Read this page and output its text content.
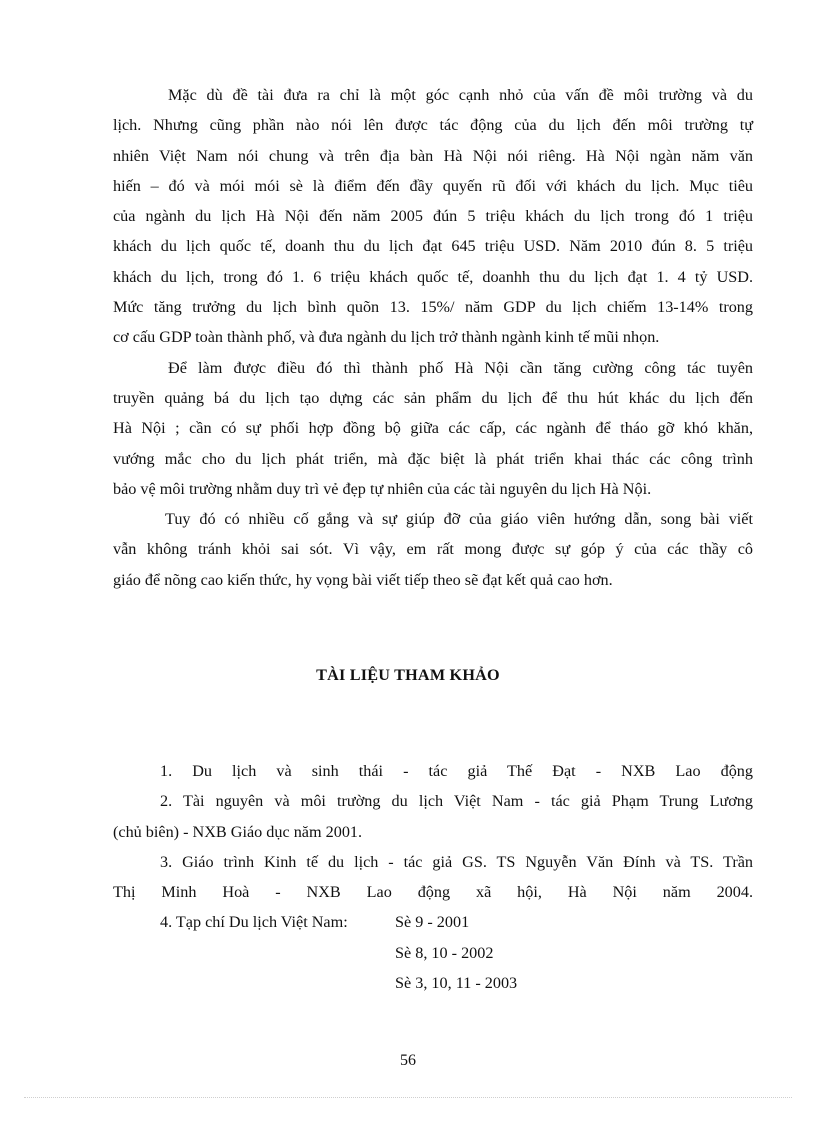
Mặc dù đề tài đưa ra chỉ là một góc cạnh nhỏ của vấn đề môi trường và du
lịch. Nhưng cũng phần nào nói lên được tác động của du lịch đến môi trường tự
nhiên Việt Nam nói chung và trên địa bàn Hà Nội nói riêng. Hà Nội ngàn năm văn
hiến – đó và mói mói sè là điểm đến đầy quyến rũ đối với khách du lịch. Mục tiêu
của ngành du lịch Hà Nội đến năm 2005 đún 5 triệu khách du lịch trong đó 1 triệu
khách du lịch quốc tế, doanh thu du lịch đạt 645 triệu USD. Năm 2010 đún 8. 5 triệu
khách du lịch, trong đó 1. 6 triệu khách quốc tế, doanhh thu du lịch đạt 1. 4 tỷ USD.
Mức tăng trưởng du lịch bình quõn 13. 15%/ năm GDP du lịch chiếm 13-14% trong
cơ cấu GDP toàn thành phố, và đưa ngành du lịch trở thành ngành kinh tế mũi nhọn.

Để làm được điều đó thì thành phố Hà Nội cần tăng cường công tác tuyên
truyền quảng bá du lịch tạo dựng các sản phẩm du lịch để thu hút khác du lịch đến
Hà Nội ; cần có sự phối hợp đồng bộ giữa các cấp, các ngành để tháo gỡ khó khăn,
vướng mắc cho du lịch phát triển, mà đặc biệt là phát triển khai thác các công trình
bảo vệ môi trường nhằm duy trì vẻ đẹp tự nhiên của các tài nguyên du lịch Hà Nội.

Tuy đó có nhiều cố gắng và sự giúp đỡ của giáo viên hướng dẫn, song bài viết
vẫn không tránh khỏi sai sót. Vì vậy, em rất mong được sự góp ý của các thầy cô
giáo để nõng cao kiến thức, hy vọng bài viết tiếp theo sẽ đạt kết quả cao hơn.

TÀI LIỆU THAM KHẢO
1. Du lịch và sinh thái - tác giả Thế Đạt - NXB Lao động
2. Tài nguyên và môi trường du lịch Việt Nam - tác giả Phạm Trung Lương
(chủ biên) - NXB Giáo dục năm 2001.
3. Giáo trình Kinh tế du lịch - tác giả GS. TS Nguyễn Văn Đính và TS. Trần
Thị Minh Hoà - NXB Lao động xã hội, Hà Nội năm 2004.
4. Tạp chí Du lịch Việt Nam:	Sè 9 - 2001
Sè 8, 10 - 2002
Sè 3, 10, 11 - 2003
56
